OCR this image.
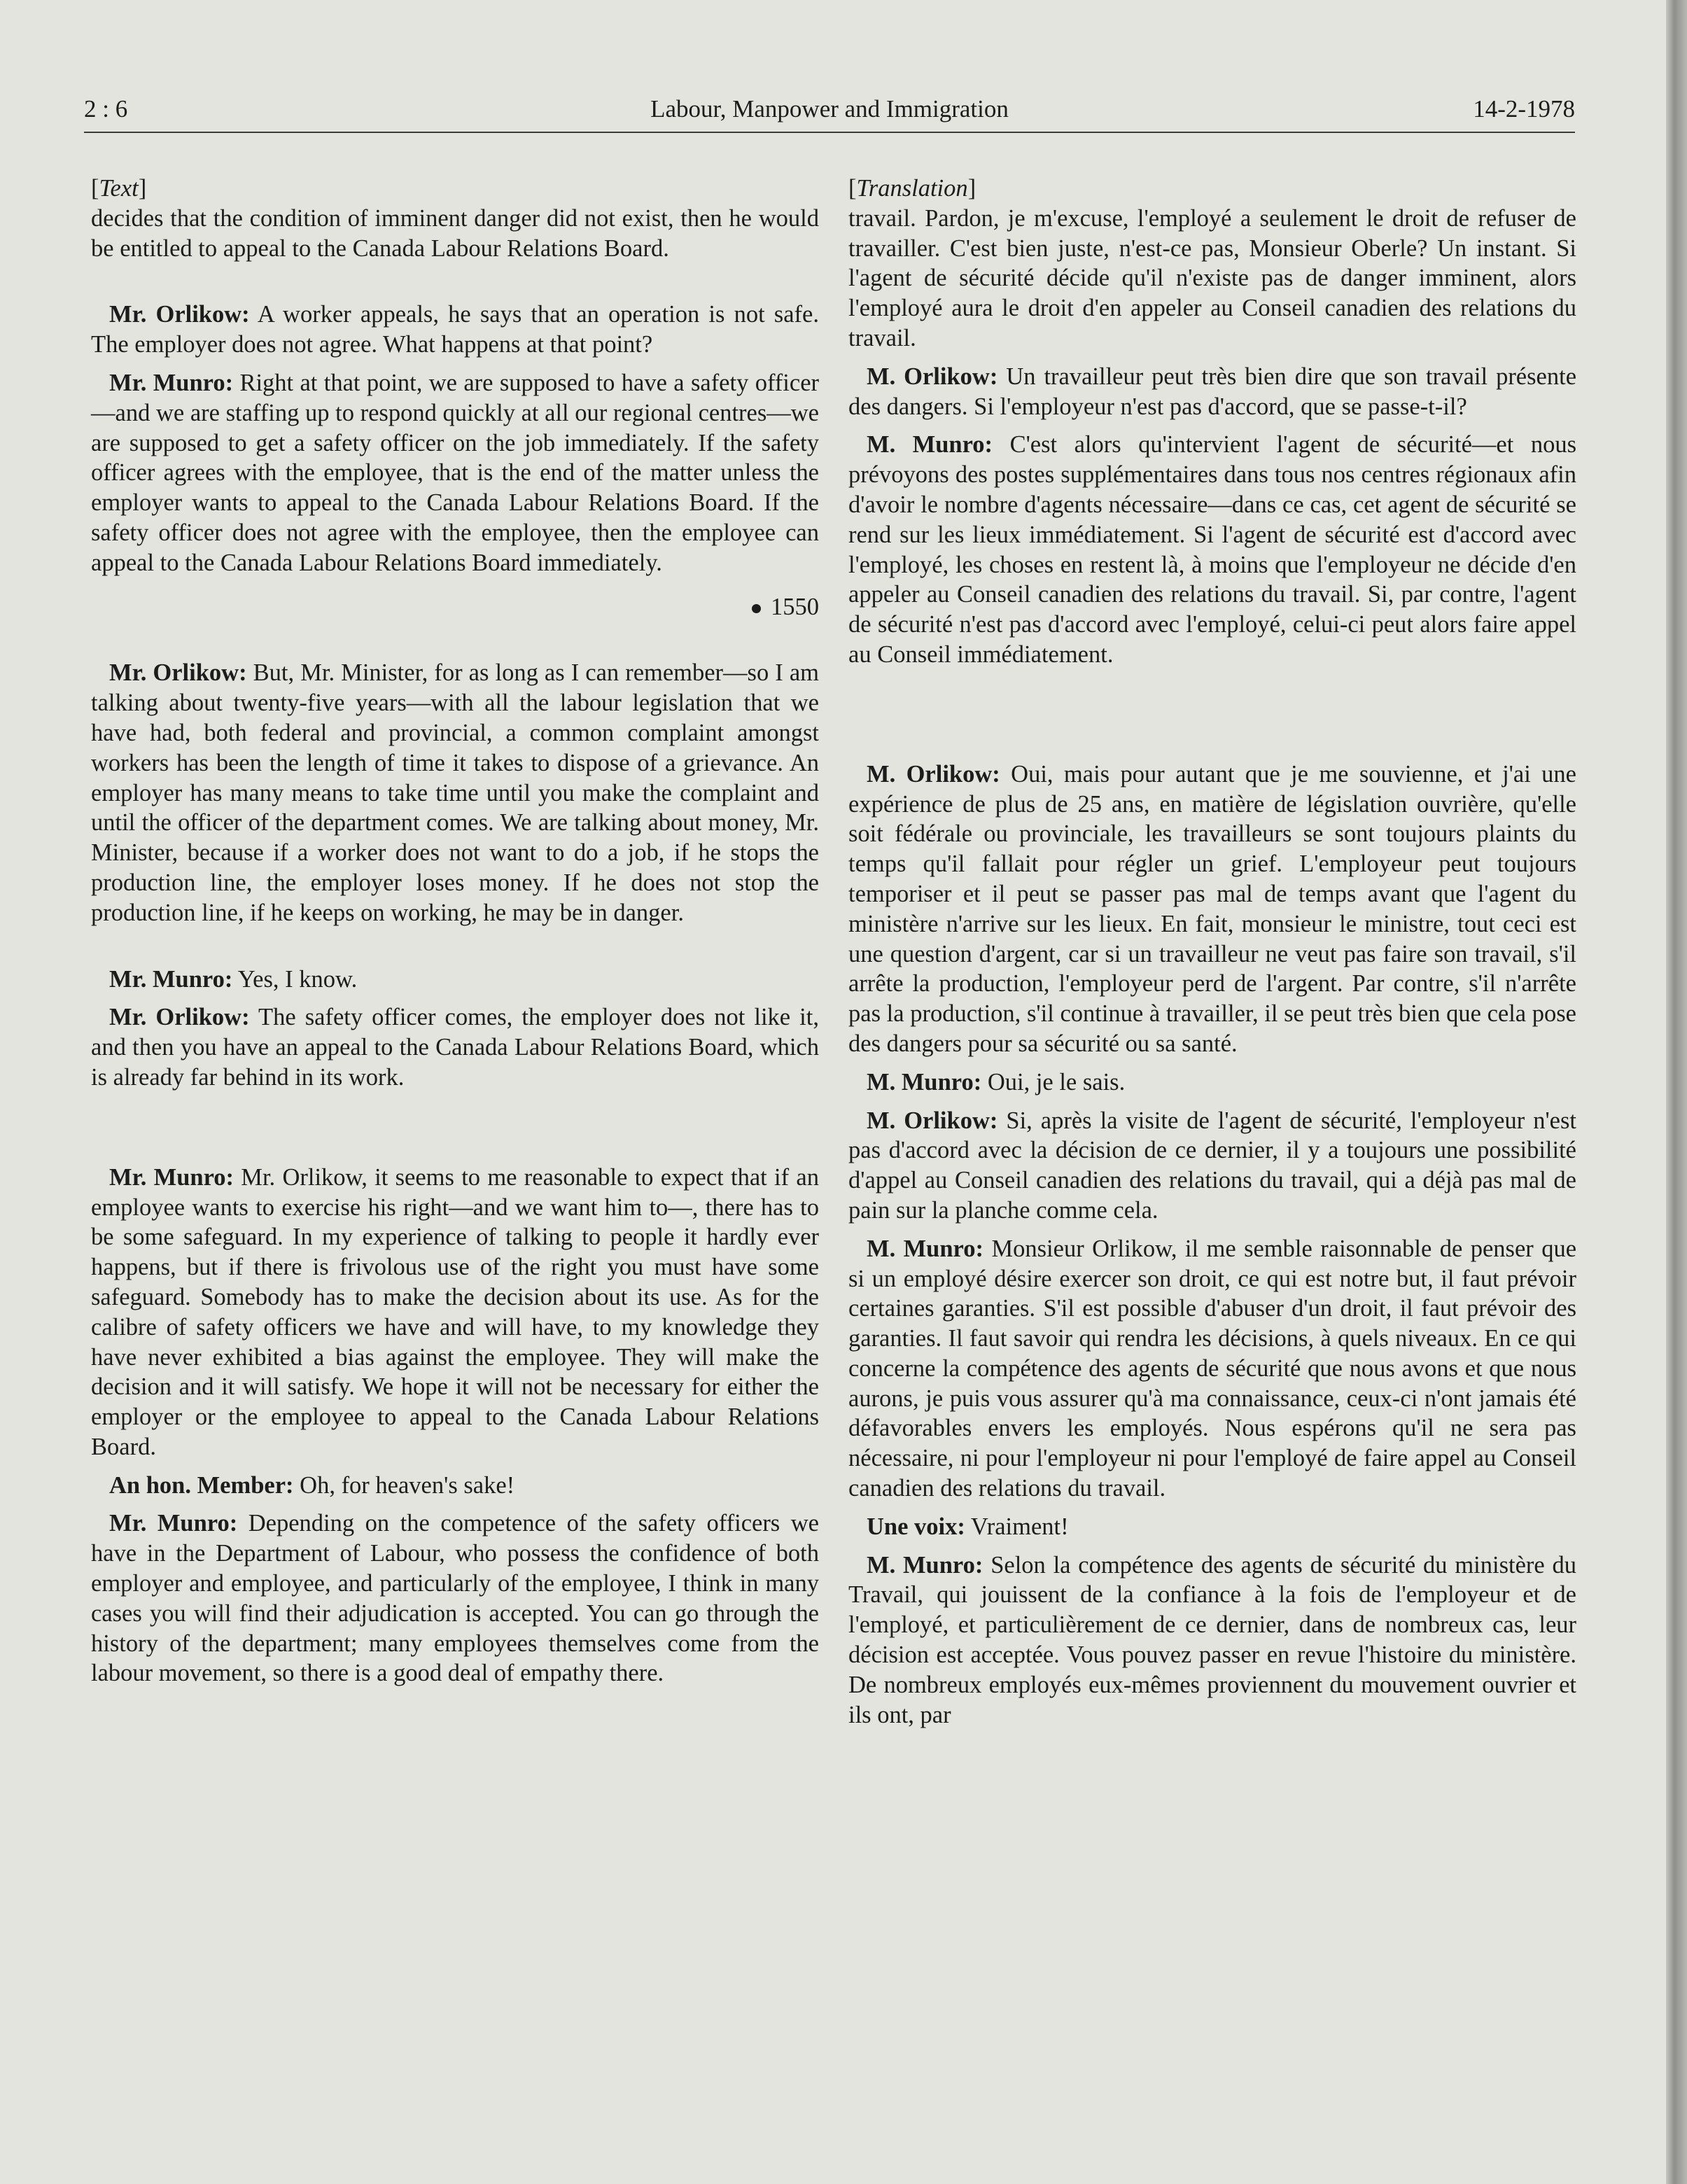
2 : 6	Labour, Manpower and Immigration	14-2-1978

[Text]

decides that the condition of imminent danger did not exist, then he would be entitled to appeal to the Canada Labour Relations Board.

Mr. Orlikow: A worker appeals, he says that an operation is not safe. The employer does not agree. What happens at that point?

Mr. Munro: Right at that point, we are supposed to have a safety officer—and we are staffing up to respond quickly at all our regional centres—we are supposed to get a safety officer on the job immediately. If the safety officer agrees with the employee, that is the end of the matter unless the employer wants to appeal to the Canada Labour Relations Board. If the safety officer does not agree with the employee, then the employee can appeal to the Canada Labour Relations Board immediately.

1550

Mr. Orlikow: But, Mr. Minister, for as long as I can remember—so I am talking about twenty-five years—with all the labour legislation that we have had, both federal and provincial, a common complaint amongst workers has been the length of time it takes to dispose of a grievance. An employer has many means to take time until you make the complaint and until the officer of the department comes. We are talking about money, Mr. Minister, because if a worker does not want to do a job, if he stops the production line, the employer loses money. If he does not stop the production line, if he keeps on working, he may be in danger.

Mr. Munro: Yes, I know.

Mr. Orlikow: The safety officer comes, the employer does not like it, and then you have an appeal to the Canada Labour Relations Board, which is already far behind in its work.

Mr. Munro: Mr. Orlikow, it seems to me reasonable to expect that if an employee wants to exercise his right—and we want him to—, there has to be some safeguard. In my experience of talking to people it hardly ever happens, but if there is frivolous use of the right you must have some safeguard. Somebody has to make the decision about its use. As for the calibre of safety officers we have and will have, to my knowledge they have never exhibited a bias against the employee. They will make the decision and it will satisfy. We hope it will not be necessary for either the employer or the employee to appeal to the Canada Labour Relations Board.

An hon. Member: Oh, for heaven's sake!

Mr. Munro: Depending on the competence of the safety officers we have in the Department of Labour, who possess the confidence of both employer and employee, and particularly of the employee, I think in many cases you will find their adjudication is accepted. You can go through the history of the department; many employees themselves come from the labour movement, so there is a good deal of empathy there.

[Translation]

travail. Pardon, je m'excuse, l'employé a seulement le droit de refuser de travailler. C'est bien juste, n'est-ce pas, Monsieur Oberle? Un instant. Si l'agent de sécurité décide qu'il n'existe pas de danger imminent, alors l'employé aura le droit d'en appeler au Conseil canadien des relations du travail.

M. Orlikow: Un travailleur peut très bien dire que son travail présente des dangers. Si l'employeur n'est pas d'accord, que se passe-t-il?

M. Munro: C'est alors qu'intervient l'agent de sécurité—et nous prévoyons des postes supplémentaires dans tous nos centres régionaux afin d'avoir le nombre d'agents nécessaire—dans ce cas, cet agent de sécurité se rend sur les lieux immédiatement. Si l'agent de sécurité est d'accord avec l'employé, les choses en restent là, à moins que l'employeur ne décide d'en appeler au Conseil canadien des relations du travail. Si, par contre, l'agent de sécurité n'est pas d'accord avec l'employé, celui-ci peut alors faire appel au Conseil immédiatement.

M. Orlikow: Oui, mais pour autant que je me souvienne, et j'ai une expérience de plus de 25 ans, en matière de législation ouvrière, qu'elle soit fédérale ou provinciale, les travailleurs se sont toujours plaints du temps qu'il fallait pour régler un grief. L'employeur peut toujours temporiser et il peut se passer pas mal de temps avant que l'agent du ministère n'arrive sur les lieux. En fait, monsieur le ministre, tout ceci est une question d'argent, car si un travailleur ne veut pas faire son travail, s'il arrête la production, l'employeur perd de l'argent. Par contre, s'il n'arrête pas la production, s'il continue à travailler, il se peut très bien que cela pose des dangers pour sa sécurité ou sa santé.

M. Munro: Oui, je le sais.

M. Orlikow: Si, après la visite de l'agent de sécurité, l'employeur n'est pas d'accord avec la décision de ce dernier, il y a toujours une possibilité d'appel au Conseil canadien des relations du travail, qui a déjà pas mal de pain sur la planche comme cela.

M. Munro: Monsieur Orlikow, il me semble raisonnable de penser que si un employé désire exercer son droit, ce qui est notre but, il faut prévoir certaines garanties. S'il est possible d'abuser d'un droit, il faut prévoir des garanties. Il faut savoir qui rendra les décisions, à quels niveaux. En ce qui concerne la compétence des agents de sécurité que nous avons et que nous aurons, je puis vous assurer qu'à ma connaissance, ceux-ci n'ont jamais été défavorables envers les employés. Nous espérons qu'il ne sera pas nécessaire, ni pour l'employeur ni pour l'employé de faire appel au Conseil canadien des relations du travail.

Une voix: Vraiment!

M. Munro: Selon la compétence des agents de sécurité du ministère du Travail, qui jouissent de la confiance à la fois de l'employeur et de l'employé, et particulièrement de ce dernier, dans de nombreux cas, leur décision est acceptée. Vous pouvez passer en revue l'histoire du ministère. De nombreux employés eux-mêmes proviennent du mouvement ouvrier et ils ont, par
